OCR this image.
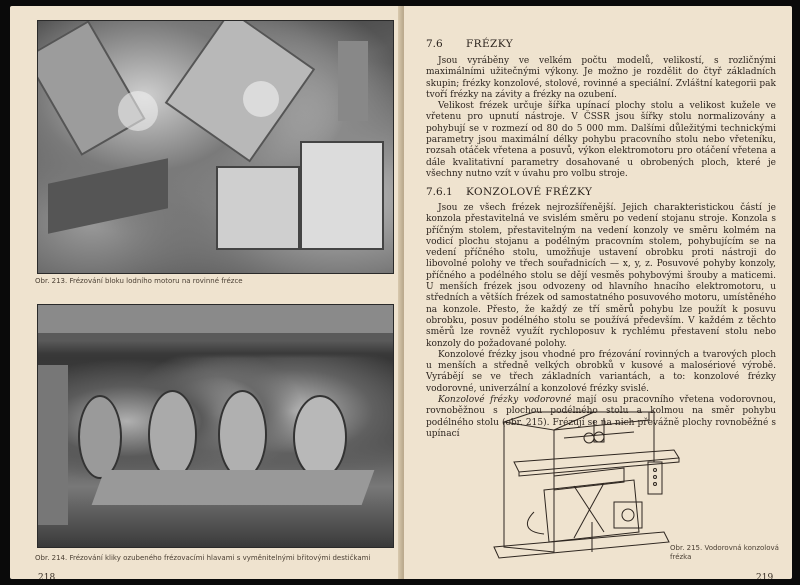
Obr. 213. Frézování bloku lodního motoru na rovinné frézce
Obr. 214. Frézování kliky ozubeného frézovacími hlavami s vyměnitelnými břitovými destičkami
218
7.6 FRÉZKY

Jsou vyráběny ve velkém počtu modelů, velikostí, s rozličnými maximálními užitečnými výkony. Je možno je rozdělit do čtyř základních skupin; frézky konzolové, stolové, rovinné a speciální. Zvláštní kategorii pak tvoří frézky na závity a frézky na ozubení.

Velikost frézek určuje šířka upínací plochy stolu a velikost kužele ve vřetenu pro upnutí nástroje. V ČSSR jsou šířky stolu normalizovány a pohybují se v rozmezí od 80 do 5 000 mm. Dalšími důležitými technickými parametry jsou maximální délky pohybu pracovního stolu nebo vřeteníku, rozsah otáček vřetena a posuvů, výkon elektromotoru pro otáčení vřetena a dále kvalitativní parametry dosahované u obrobených ploch, které je všechny nutno vzít v úvahu pro volbu stroje.

7.6.1 KONZOLOVÉ FRÉZKY

Jsou ze všech frézek nejrozšířenější. Jejich charakteristickou částí je konzola přestavitelná ve svislém směru po vedení stojanu stroje. Konzola s příčným stolem, přestavitelným na vedení konzoly ve směru kolmém na vodicí plochu stojanu a podélným pracovním stolem, pohybujícím se na vedení příčného stolu, umožňuje ustavení obrobku proti nástroji do libovolné polohy ve třech souřadnicích — x, y, z. Posuvové pohyby konzoly, příčného a podélného stolu se dějí vesměs pohybovými šrouby a maticemi. U menších frézek jsou odvozeny od hlavního hnacího elektromotoru, u středních a větších frézek od samostatného posuvového motoru, umístěného na konzole. Přesto, že každý ze tří směrů pohybu lze použít k posuvu obrobku, posuv podélného stolu se používá především. V každém z těchto směrů lze rovněž využít rychloposuv k rychlému přestavení stolu nebo konzoly do požadované polohy.

Konzolové frézky jsou vhodné pro frézování rovinných a tvarových ploch u menších a středně velkých obrobků v kusové a malosériové výrobě. Vyrábějí se ve třech základních variantách, a to: konzolové frézky vodorovné, univerzální a konzolové frézky svislé.

Konzolové frézky vodorovné mají osu pracovního vřetena vodorovnou, rovnoběžnou s plochou podélného stolu a kolmou na směr pohybu podélného stolu (obr. 215). Frézují se na nich převážně plochy rovnoběžné s upínací

Obr. 215. Vodorovná konzolová frézka
219
